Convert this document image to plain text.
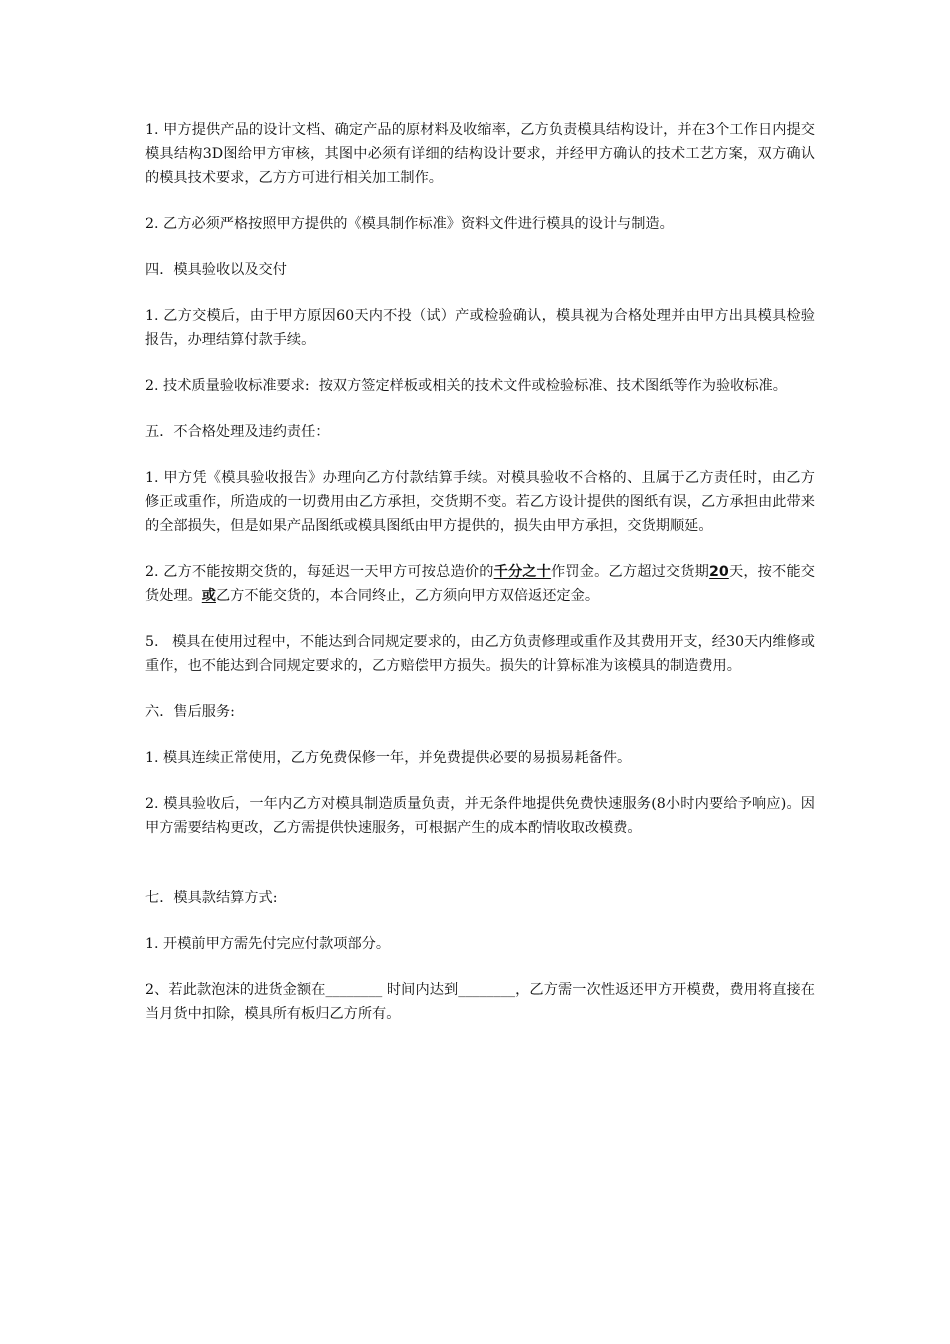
1. 甲方提供产品的设计文档、确定产品的原材料及收缩率，乙方负责模具结构设计，并在3个工作日内提交模具结构3D图给甲方审核，其图中必须有详细的结构设计要求，并经甲方确认的技术工艺方案，双方确认的模具技术要求，乙方方可进行相关加工制作。

2. 乙方必须严格按照甲方提供的《模具制作标准》资料文件进行模具的设计与制造。

四．模具验收以及交付

1. 乙方交模后，由于甲方原因60天内不投（试）产或检验确认，模具视为合格处理并由甲方出具模具检验报告，办理结算付款手续。

2. 技术质量验收标准要求:  按双方签定样板或相关的技术文件或检验标准、技术图纸等作为验收标准。

五．不合格处理及违约责任：

1. 甲方凭《模具验收报告》办理向乙方付款结算手续。对模具验收不合格的、且属于乙方责任时，由乙方修正或重作，所造成的一切费用由乙方承担，交货期不变。若乙方设计提供的图纸有误，乙方承担由此带来的全部损失，但是如果产品图纸或模具图纸由甲方提供的，损失由甲方承担，交货期顺延。

2. 乙方不能按期交货的，每延迟一天甲方可按总造价的千分之十作罚金。乙方超过交货期20天，按不能交货处理。或乙方不能交货的，本合同终止，乙方须向甲方双倍返还定金。

5.   模具在使用过程中，不能达到合同规定要求的，由乙方负责修理或重作及其费用开支，经30天内维修或重作，也不能达到合同规定要求的，乙方赔偿甲方损失。损失的计算标准为该模具的制造费用。

六．售后服务:

1. 模具连续正常使用，乙方免费保修一年，并免费提供必要的易损易耗备件。

2. 模具验收后，一年内乙方对模具制造质量负责，并无条件地提供免费快速服务(8小时内要给予响应)。因甲方需要结构更改，乙方需提供快速服务，可根据产生的成本酌情收取改模费。

七．模具款结算方式:

1. 开模前甲方需先付完应付款项部分。

2、若此款泡沫的进货金额在________ 时间内达到________，乙方需一次性返还甲方开模费，费用将直接在当月货中扣除，模具所有板归乙方所有。
